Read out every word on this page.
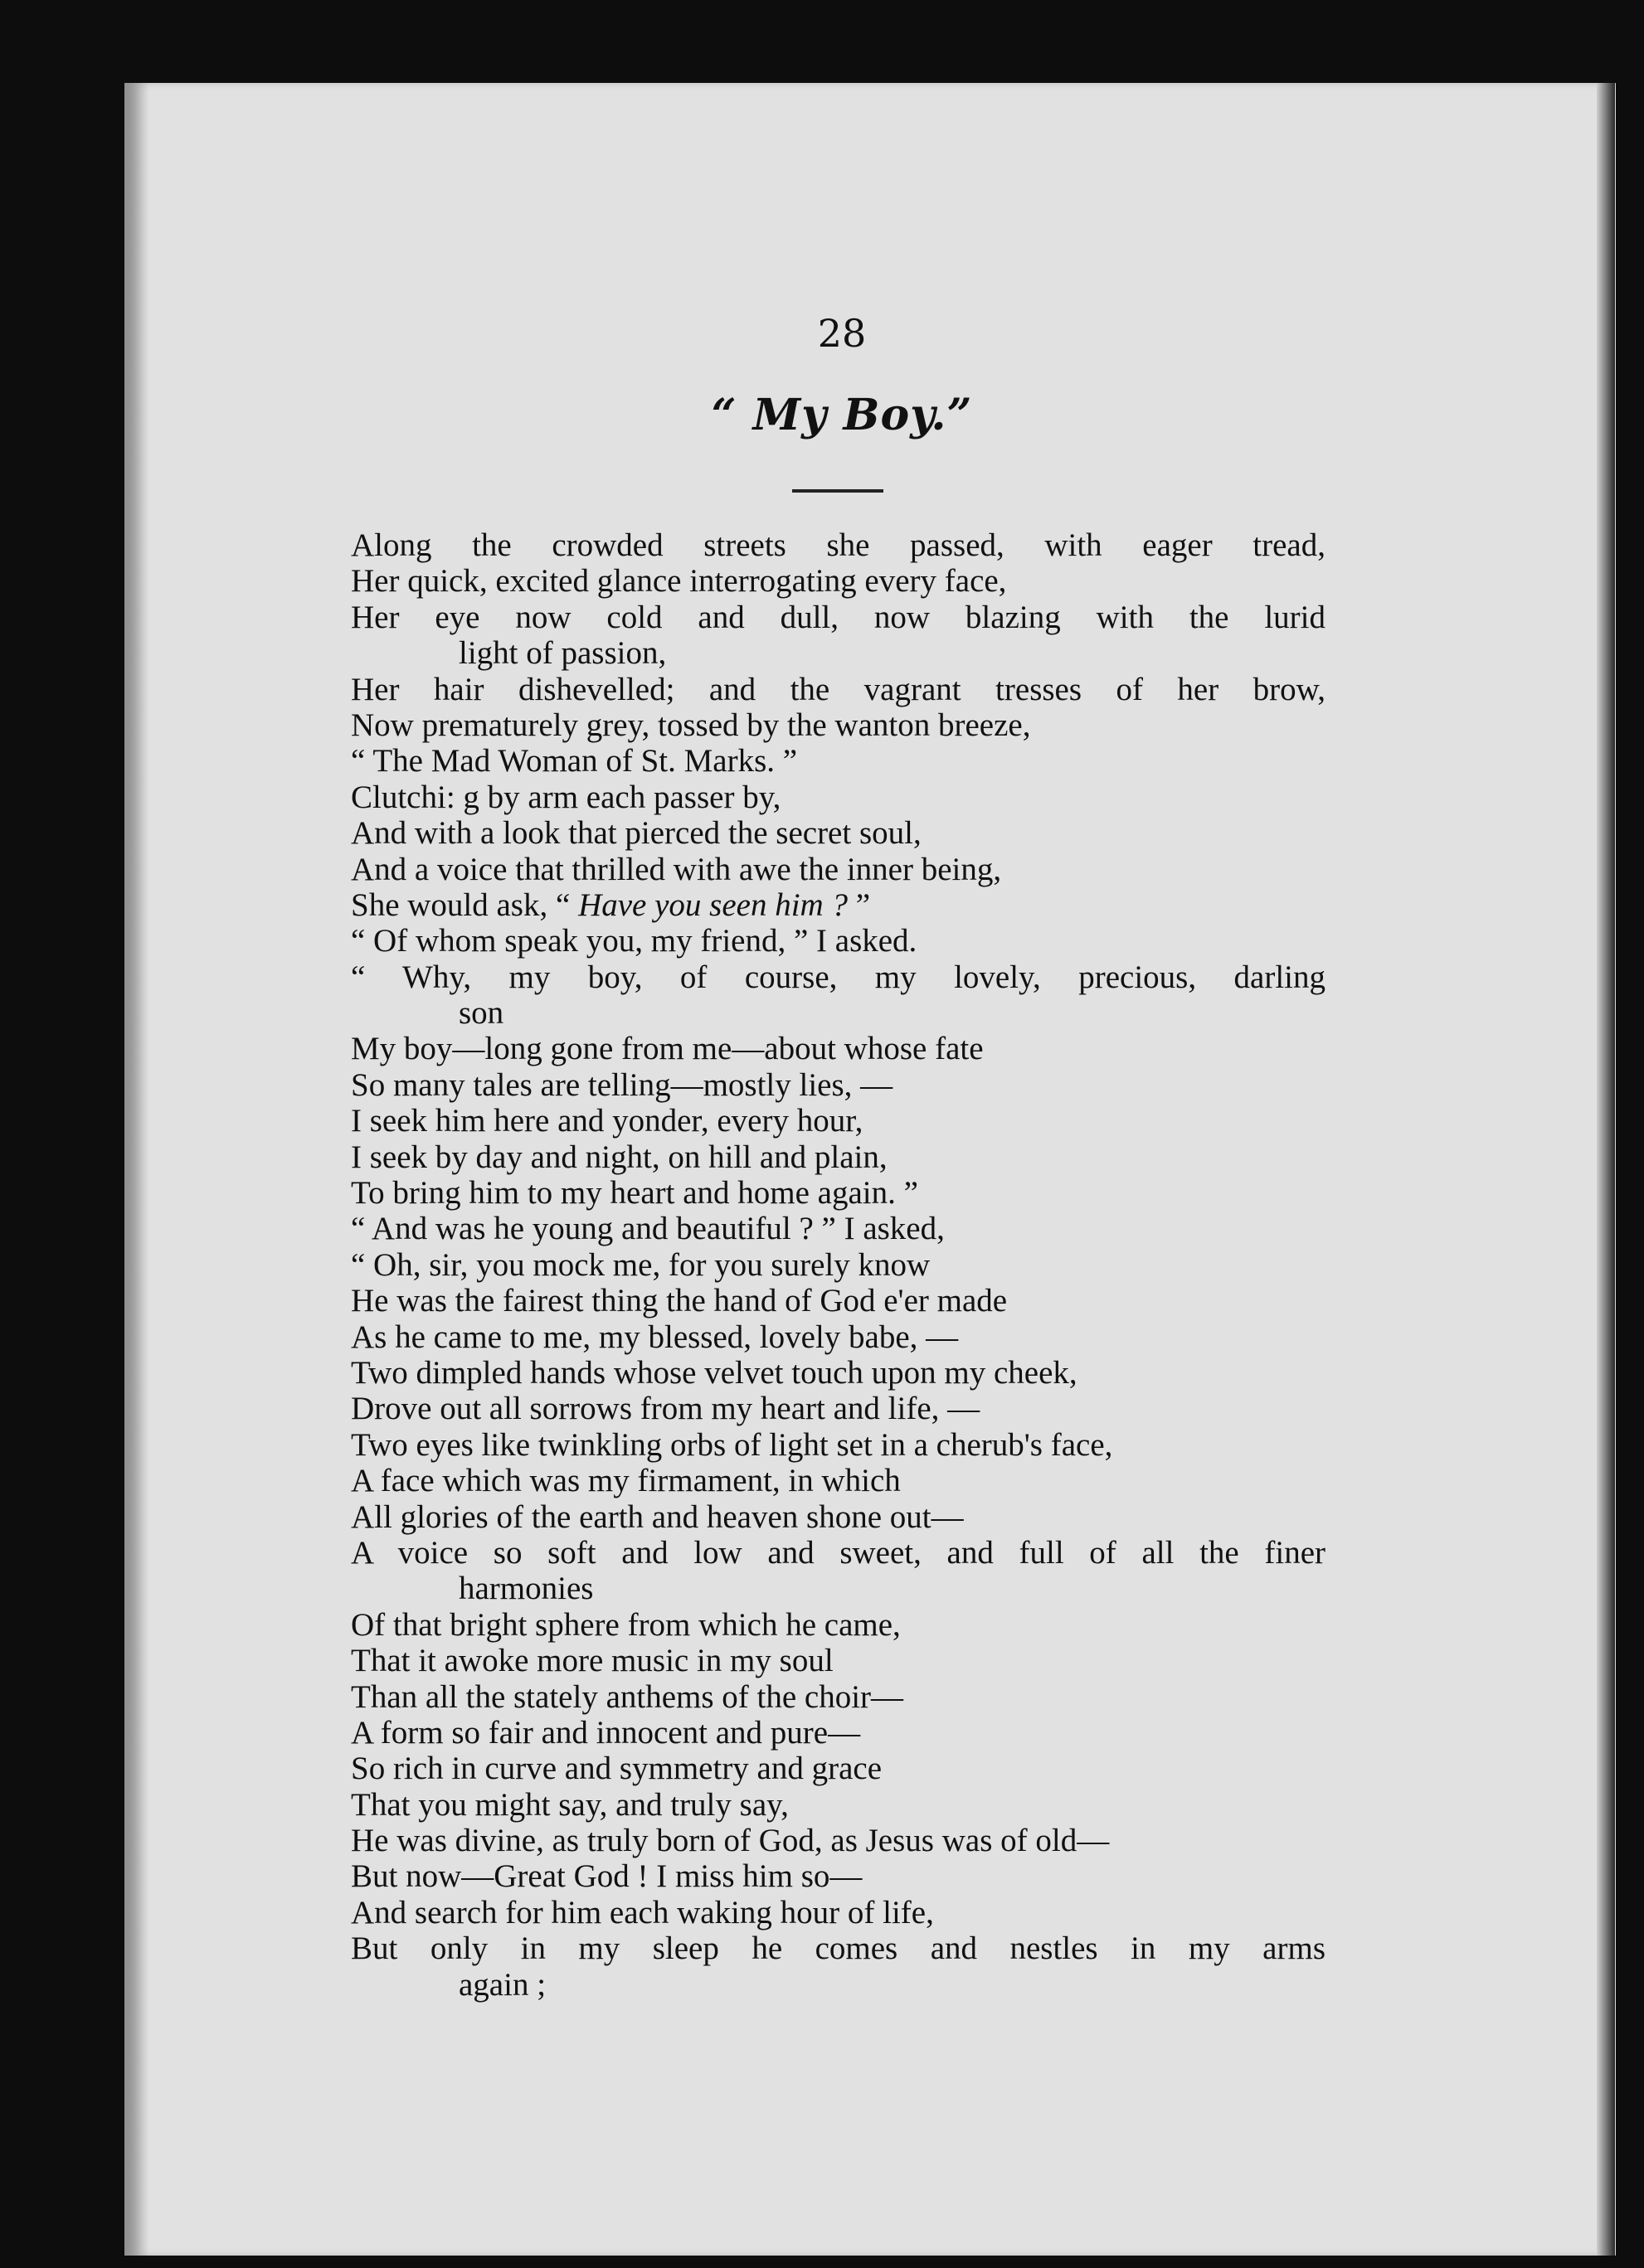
28
“ My Boy.”
Along the crowded streets she passed, with eager tread,
Her quick, excited glance interrogating every face,
Her eye now cold and dull, now blazing with the lurid
light of passion,
Her hair dishevelled; and the vagrant tresses of her brow,
Now prematurely grey, tossed by the wanton breeze,
“ The Mad Woman of St. Marks. ”
Clutchi: g by arm each passer by,
And with a look that pierced the secret soul,
And a voice that thrilled with awe the inner being,
She would ask, “ Have you seen him ? ”
“ Of whom speak you, my friend, ” I asked.
“ Why, my boy, of course, my lovely, precious, darling
son
My boy—long gone from me—about whose fate
So many tales are telling—mostly lies, —
I seek him here and yonder, every hour,
I seek by day and night, on hill and plain,
To bring him to my heart and home again. ”
“ And was he young and beautiful ? ” I asked,
“ Oh, sir, you mock me, for you surely know
He was the fairest thing the hand of God e'er made
As he came to me, my blessed, lovely babe, —
Two dimpled hands whose velvet touch upon my cheek,
Drove out all sorrows from my heart and life, —
Two eyes like twinkling orbs of light set in a cherub's face,
A face which was my firmament, in which
All glories of the earth and heaven shone out—
A voice so soft and low and sweet, and full of all the finer
harmonies
Of that bright sphere from which he came,
That it awoke more music in my soul
Than all the stately anthems of the choir—
A form so fair and innocent and pure—
So rich in curve and symmetry and grace
That you might say, and truly say,
He was divine, as truly born of God, as Jesus was of old—
But now—Great God ! I miss him so—
And search for him each waking hour of life,
But only in my sleep he comes and nestles in my arms
again ;
